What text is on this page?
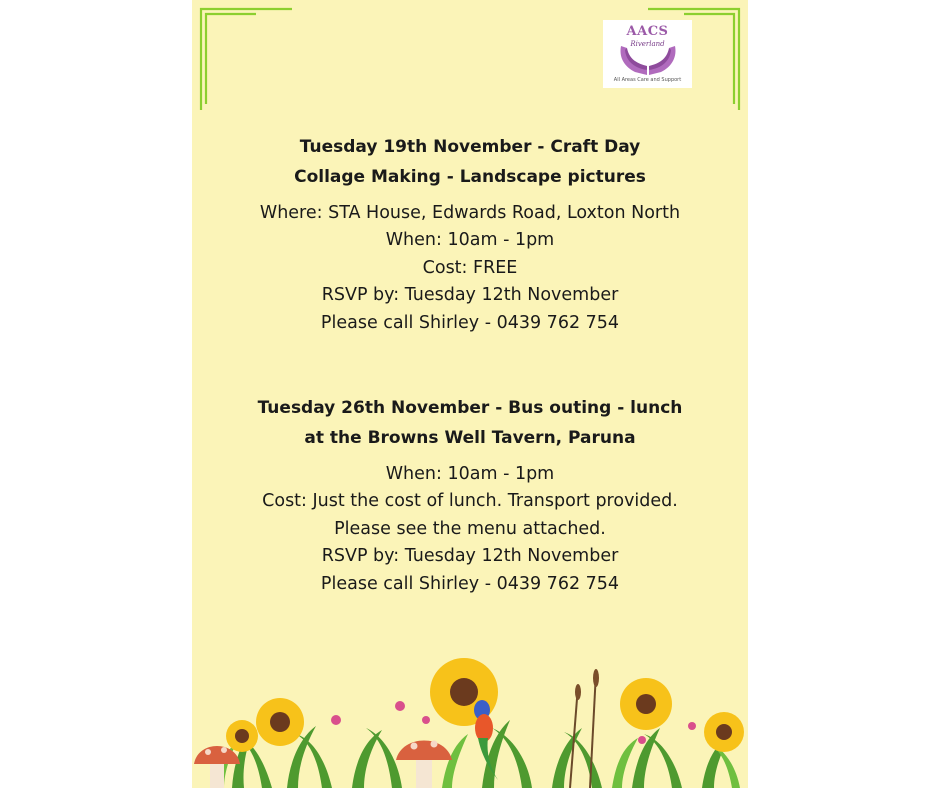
AACS
Riverland
All Areas Care and Support
Tuesday 19th November - Craft Day
Collage Making - Landscape pictures
Where: STA House, Edwards Road, Loxton North
When: 10am - 1pm
Cost: FREE
RSVP by: Tuesday 12th November
Please call Shirley - 0439 762 754
Tuesday 26th November - Bus outing - lunch
at the Browns Well Tavern, Paruna
When: 10am - 1pm
Cost: Just the cost of lunch. Transport provided.
Please see the menu attached.
RSVP by: Tuesday 12th November
Please call Shirley - 0439 762 754
